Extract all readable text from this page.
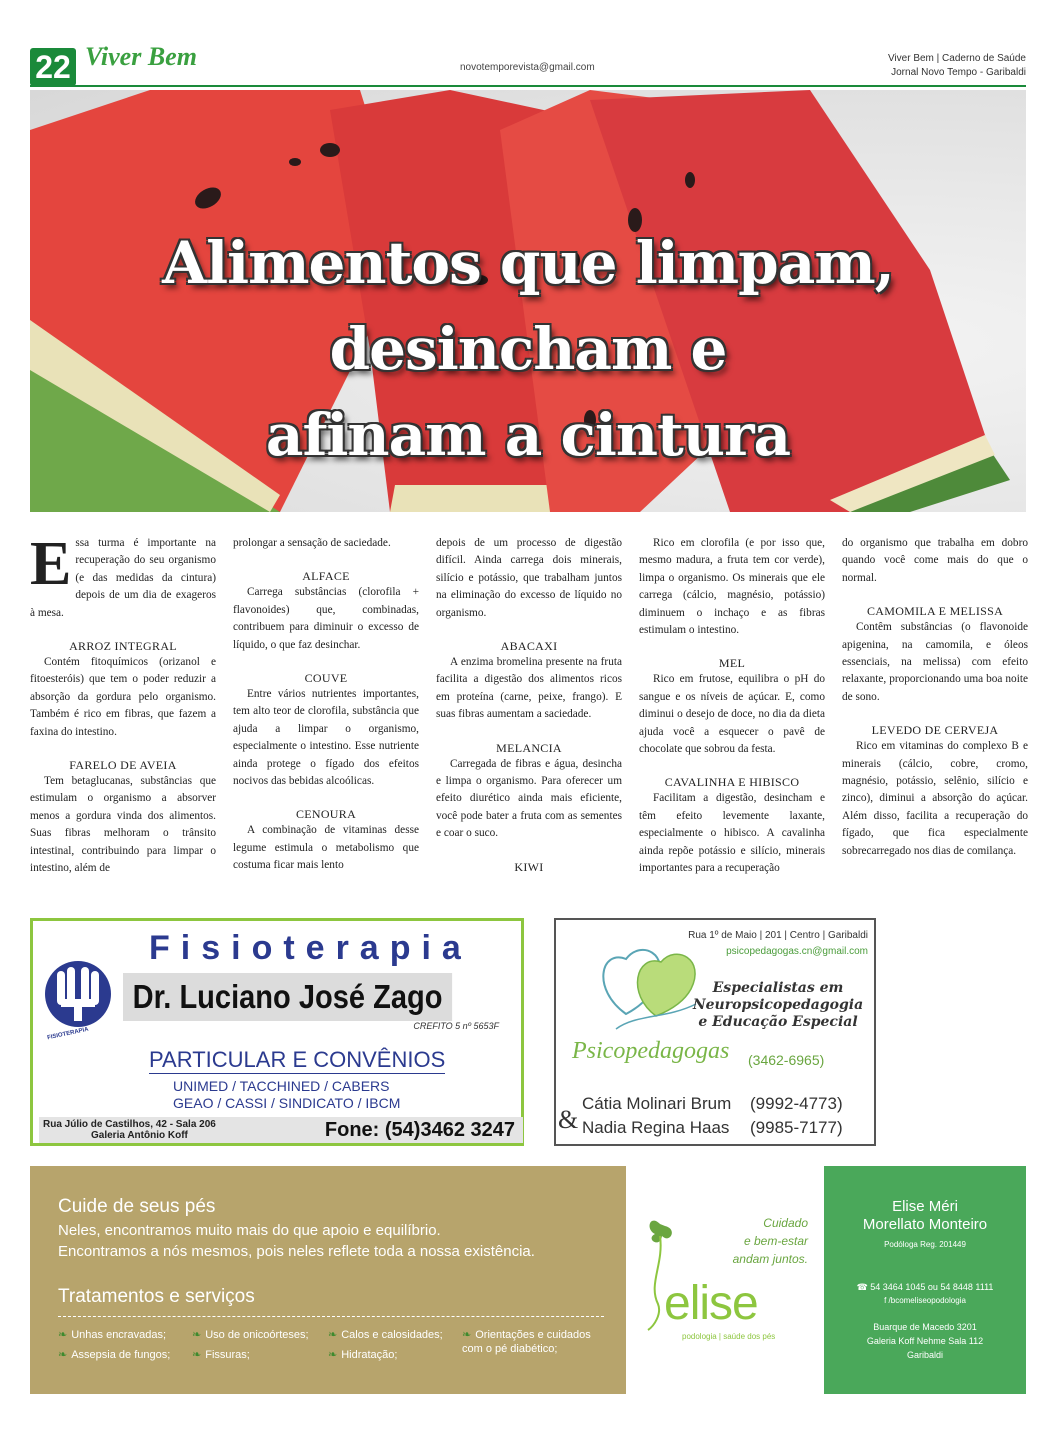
22 Viver Bem	novotemporevista@gmail.com
Viver Bem | Caderno de Saúde
Jornal Novo Tempo - Garibaldi
Alimentos que limpam, desincham e
afinam a cintura
E ssa turma é importante na recuperação do seu organismo (e das medidas da cintura) depois de um dia de exageros à mesa.

ARROZ INTEGRAL

Contém fitoquímicos (orizanol e fitoesteróis) que tem o poder reduzir a absorção da gordura pelo organismo. Também é rico em fibras, que fazem a faxina do intestino.

FARELO DE AVEIA

Tem betaglucanas, substâncias que estimulam o organismo a absorver menos a gordura vinda dos alimentos. Suas fibras melhoram o trânsito intestinal, contribuindo para limpar o intestino, além de

prolongar a sensação de saciedade.

ALFACE

Carrega substâncias (clorofila + flavonoides) que, combinadas, contribuem para diminuir o excesso de líquido, o que faz desinchar.

COUVE

Entre vários nutrientes importantes, tem alto teor de clorofila, substância que ajuda a limpar o organismo, especialmente o intestino. Esse nutriente ainda protege o fígado dos efeitos nocivos das bebidas alcoólicas.

CENOURA

A combinação de vitaminas desse legume estimula o metabolismo que costuma ficar mais lento

depois de um processo de digestão difícil. Ainda carrega dois minerais, silício e potássio, que trabalham juntos na eliminação do excesso de líquido no organismo.

ABACAXI

A enzima bromelina presente na fruta facilita a digestão dos alimentos ricos em proteína (carne, peixe, frango). E suas fibras aumentam a saciedade.

MELANCIA

Carregada de fibras e água, desincha e limpa o organismo. Para oferecer um efeito diurético ainda mais eficiente, você pode bater a fruta com as sementes e coar o suco.

KIWI

Rico em clorofila (e por isso que, mesmo madura, a fruta tem cor verde), limpa o organismo. Os minerais que ele carrega (cálcio, magnésio, potássio) diminuem o inchaço e as fibras estimulam o intestino.

MEL

Rico em frutose, equilibra o pH do sangue e os níveis de açúcar. E, como diminui o desejo de doce, no dia da dieta ajuda você a esquecer o pavê de chocolate que sobrou da festa.

CAVALINHA E HIBISCO

Facilitam a digestão, desincham e têm efeito levemente laxante, especialmente o hibisco. A cavalinha ainda repõe potássio e silício, minerais importantes para a recuperação

do organismo que trabalha em dobro quando você come mais do que o normal.

CAMOMILA E MELISSA

Contêm substâncias (o flavonoide apigenina, na camomila, e óleos essenciais, na melissa) com efeito relaxante, proporcionando uma boa noite de sono.

LEVEDO DE CERVEJA

Rico em vitaminas do complexo B e minerais (cálcio, cobre, cromo, magnésio, potássio, selênio, silício e zinco), diminui a absorção do açúcar. Além disso, facilita a recuperação do fígado, que fica especialmente sobrecarregado nos dias de comilança.

FISIOTERAPIA
Fisioterapia
Dr. Luciano José Zago
CREFITO 5 nº 5653F
PARTICULAR E CONVÊNIOS
UNIMED / TACCHINED / CABERS
GEAO / CASSI / SINDICATO / IBCM
Rua Júlio de Castilhos, 42 - Sala 206
Galeria Antônio Koff	Fone: (54)3462 3247
Rua 1º de Maio | 201 | Centro | Garibaldi
psicopedagogas.cn@gmail.com
Especialistas em Neuropsicopedagogia e Educação Especial
Psicopedagogas (3462-6965)
&
Cátia Molinari Brum (9992-4773)
Nadia Regina Haas (9985-7177)
Cuide de seus pés
Neles, encontramos muito mais do que apoio e equilíbrio.
Encontramos a nós mesmos, pois neles reflete toda a nossa existência.
Tratamentos e serviços
❧ Unhas encravadas;	❧ Uso de onicoórteses;	❧ Calos e calosidades;	❧ Orientações e cuidados com o pé diabético;
❧ Assepsia de fungos;	❧ Fissuras;	❧ Hidratação;
Cuidado
e bem-estar
andam juntos.
elise
podologia | saúde dos pés
Elise Méri
Morellato Monteiro
Podóloga Reg. 201449
☎ 54 3464 1045 ou 54 8448 1111
f /bcomeliseopodologia
Buarque de Macedo 3201
Galeria Koff Nehme Sala 112
Garibaldi
